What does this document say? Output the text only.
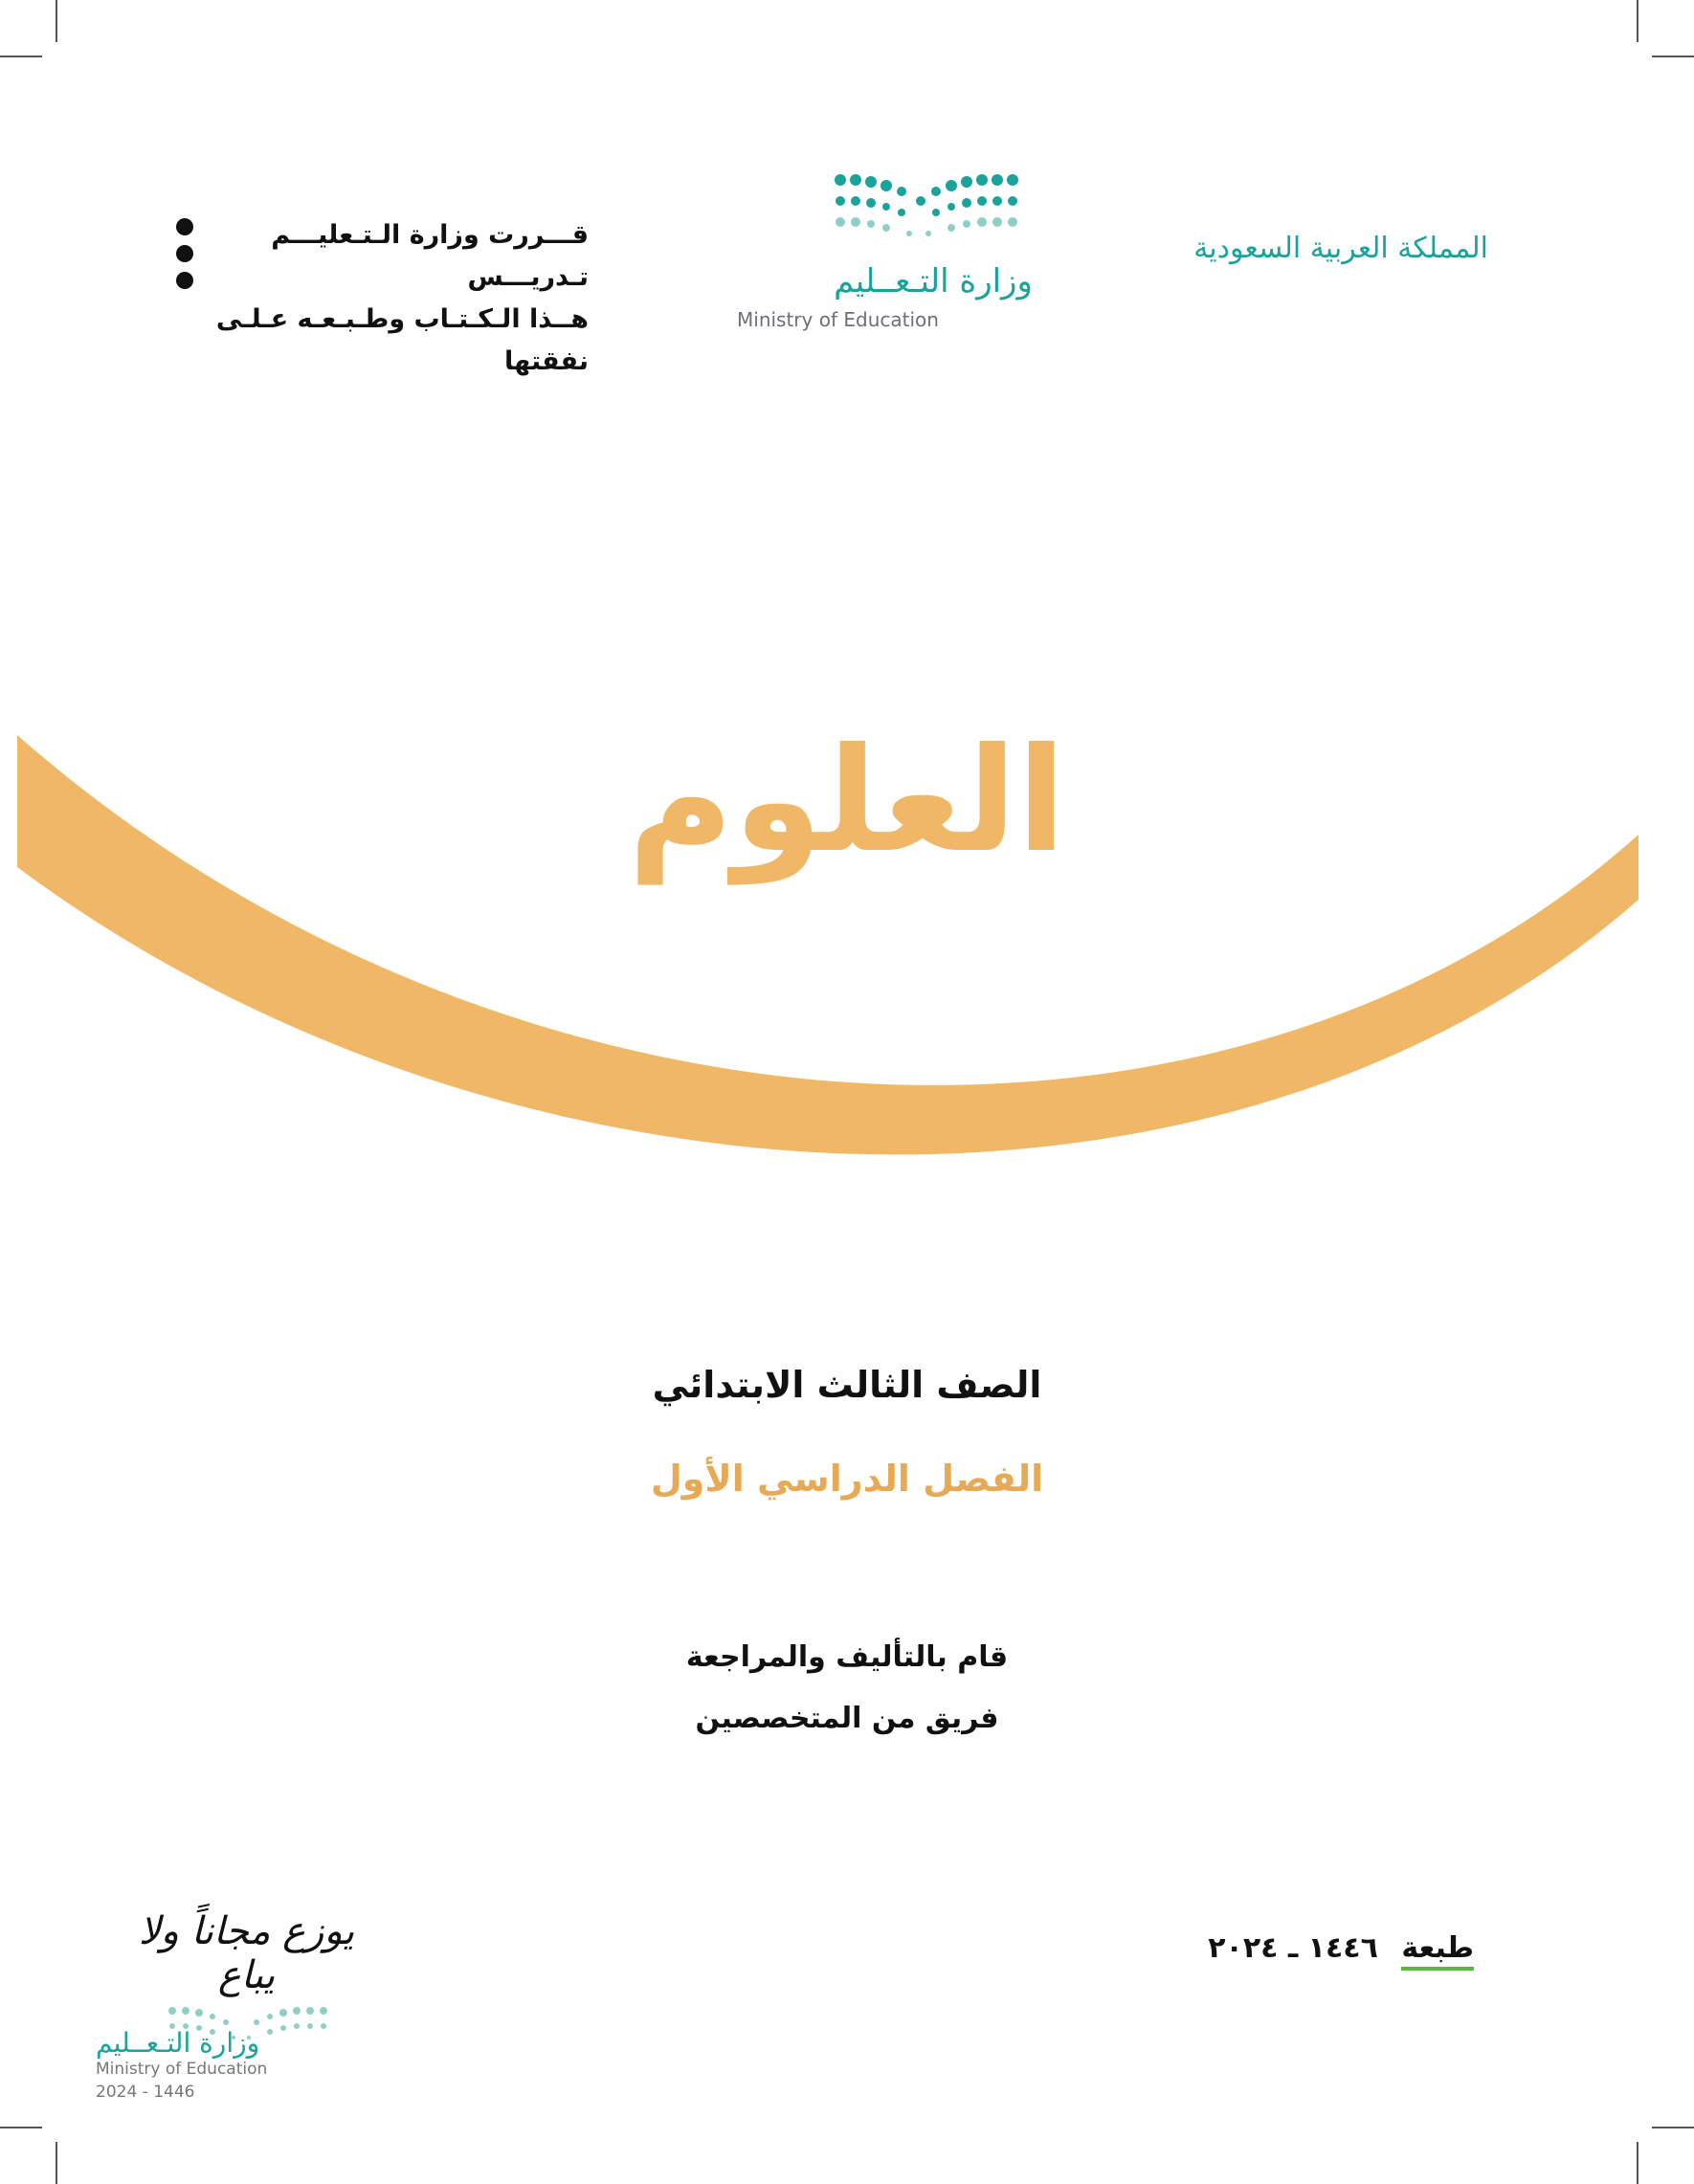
المملكة العربية السعودية
وزارة التـعــليم
Ministry of Education
قـــررت وزارة الـتـعليـــم تـدريـــس
هــذا الـكـتـاب وطـبـعـه عـلـى نفقتها
العلوم
الصف الثالث الابتدائي
الفصل الدراسي الأول
قام بالتأليف والمراجعة
فريق من المتخصصين
طبعة ١٤٤٦ ـ ٢٠٢٤
يوزع مجاناً ولا يباع
وزارة التـعــليم
Ministry of Education
2024 - 1446
